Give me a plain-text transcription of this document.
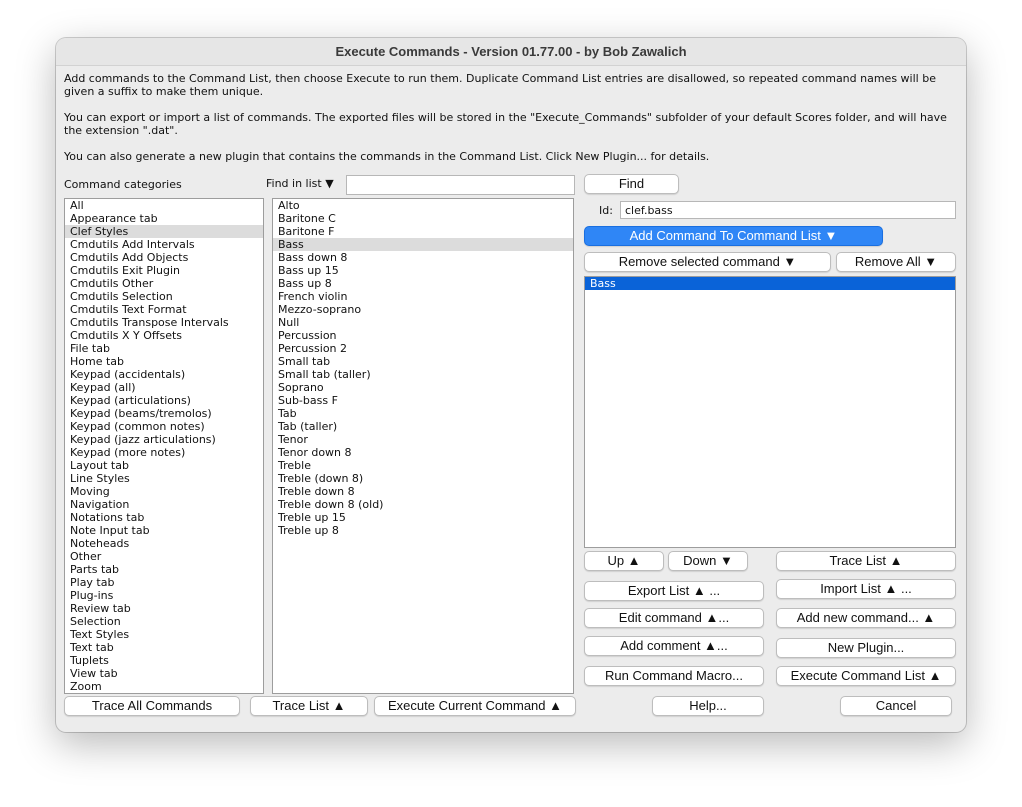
Execute Commands - Version 01.77.00 - by Bob Zawalich
Add commands to the Command List, then choose Execute to run them. Duplicate Command List entries are disallowed, so repeated command names will be given a suffix to make them unique.
You can export or import a list of commands. The exported files will be stored in the "Execute_Commands" subfolder of your default Scores folder, and will have the extension ".dat".
You can also generate a new plugin that contains the commands in the Command List. Click New Plugin... for details.
Command categories
All
Appearance tab
Clef Styles
Cmdutils Add Intervals
Cmdutils Add Objects
Cmdutils Exit Plugin
Cmdutils Other
Cmdutils Selection
Cmdutils Text Format
Cmdutils Transpose Intervals
Cmdutils X Y Offsets
File tab
Home tab
Keypad (accidentals)
Keypad (all)
Keypad (articulations)
Keypad (beams/tremolos)
Keypad (common notes)
Keypad (jazz articulations)
Keypad (more notes)
Layout tab
Line Styles
Moving
Navigation
Notations tab
Note Input tab
Noteheads
Other
Parts tab
Play tab
Plug-ins
Review tab
Selection
Text Styles
Text tab
Tuplets
View tab
Zoom
Find in list ▼
Alto
Baritone C
Baritone F
Bass
Bass down 8
Bass up 15
Bass up 8
French violin
Mezzo-soprano
Null
Percussion
Percussion 2
Small tab
Small tab (taller)
Soprano
Sub-bass F
Tab
Tab (taller)
Tenor
Tenor down 8
Treble
Treble (down 8)
Treble down 8
Treble down 8 (old)
Treble up 15
Treble up 8
Find
Id:
clef.bass
Add Command To Command List ▼
Remove selected command ▼	Remove All ▼
Bass
Up ▲	Down ▼	Trace List ▲
Export List ▲ ...	Import List ▲ ...
Edit command ▲...	Add new command... ▲
Add comment ▲...	New Plugin...
Run Command Macro...	Execute Command List ▲
Trace All Commands	Trace List ▲	Execute Current Command ▲	Help...	Cancel
